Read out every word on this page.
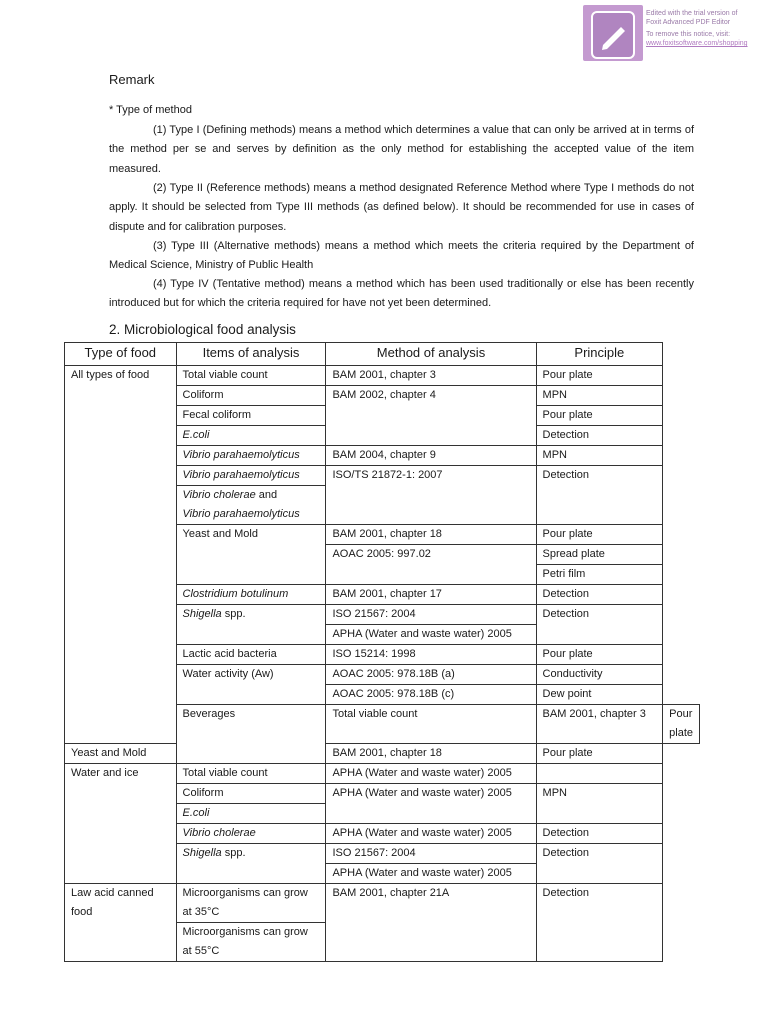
Edited with the trial version of
Foxit Advanced PDF Editor
To remove this notice, visit:
www.foxitsoftware.com/shopping
Remark
* Type of method
(1) Type I (Defining methods) means a method which determines a value that can only be arrived at in terms of the method per se and serves by definition as the only method for establishing the accepted value of the item measured.
(2) Type II (Reference methods) means a method designated Reference Method where Type I methods do not apply. It should be selected from Type III methods (as defined below). It should be recommended for use in cases of dispute and for calibration purposes.
(3) Type III (Alternative methods) means a method which meets the criteria required by the Department of Medical Science, Ministry of Public Health
(4) Type IV (Tentative method) means a method which has been used traditionally or else has been recently introduced but for which the criteria required for have not yet been determined.
2. Microbiological food analysis
Type of food	Items of analysis	Method of analysis	Principle	
All types of food	Total viable count	BAM 2001, chapter 3	Pour plate	
	Coliform	BAM 2002, chapter 4	MPN	
	Fecal coliform		Pour plate	
	E.coli		Detection	
	Vibrio parahaemolyticus	BAM 2004, chapter 9	MPN	
	Vibrio parahaemolyticus	ISO/TS 21872-1: 2007	Detection	
	Vibrio cholerae and			
	Vibrio parahaemolyticus			
	Yeast and Mold	BAM 2001, chapter 18	Pour plate	
		AOAC 2005: 997.02	Spread plate	
			Petri film	
	Clostridium botulinum	BAM 2001, chapter 17	Detection	
	Shigella spp.	ISO 21567: 2004	Detection	
		APHA (Water and waste water) 2005		
	Lactic acid bacteria	ISO 15214: 1998	Pour plate	
	Water activity (Aw)	AOAC 2005: 978.18B (a)	Conductivity	
		AOAC 2005: 978.18B (c)	Dew point	
	Beverages	Total viable count	BAM 2001, chapter 3	Pour plate
Yeast and Mold		BAM 2001, chapter 18	Pour plate	
Water and ice	Total viable count	APHA (Water and waste water) 2005		
	Coliform	APHA (Water and waste water) 2005	MPN	
	E.coli			
	Vibrio cholerae	APHA (Water and waste water) 2005	Detection	
	Shigella spp.	ISO 21567: 2004	Detection	
		APHA (Water and waste water) 2005		
Law acid canned food	Microorganisms can grow	BAM 2001, chapter 21A	Detection	
	at 35°C			
	Microorganisms can grow			
	at 55°C			
